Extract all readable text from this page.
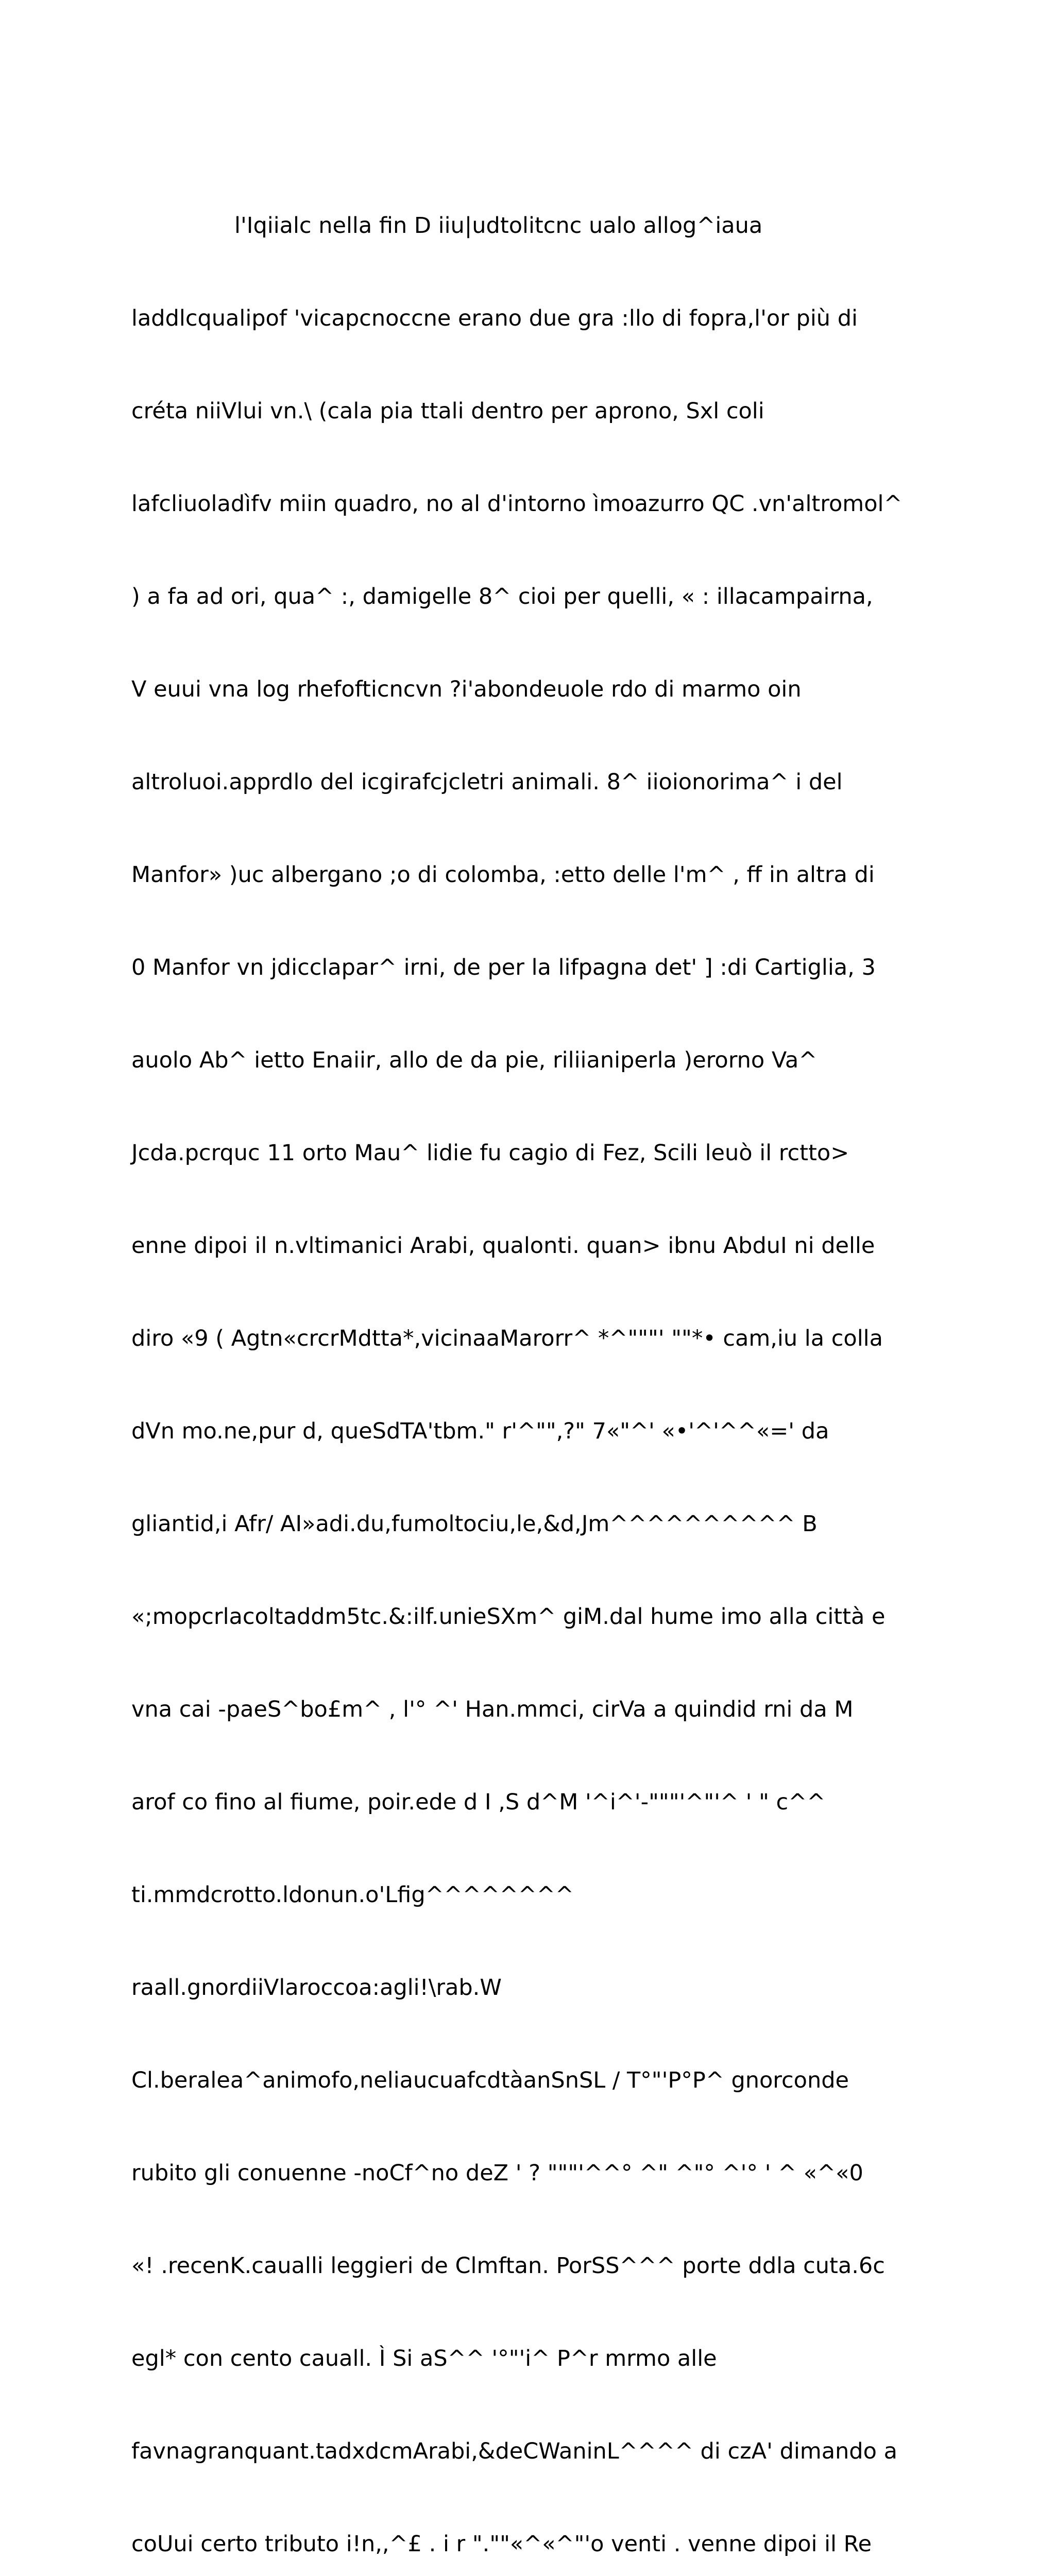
l'Iqiialc nella fin D iiu|udtolitcnc ualo allog^iaua

laddlcqualipof 'vicapcnoccne erano due gra :llo di fopra,l'or più di

créta niiVlui vn.\ (cala pia ttali dentro per aprono, Sxl coli

lafcliuoladìfv miin quadro, no al d'intorno ìmoazurro QC .vn'altromol^

) a fa ad ori, qua^ :, damigelle 8^ cioi per quelli, « : illacampairna,

V euui vna log rhefofticncvn ?i'abondeuole rdo di marmo oin

altroluoi.apprdlo del icgirafcjcletri animali. 8^ iioionorima^ i del

Manfor» )uc albergano ;o di colomba, :etto delle l'm^ , ff in altra di

0 Manfor vn jdicclapar^ irni, de per la lifpagna det' ] :di Cartiglia, 3

auolo Ab^ ietto Enaiir, allo de da pie, riliianiperla )erorno Va^

Jcda.pcrquc 11 orto Mau^ lidie fu cagio di Fez, Scili leuò il rctto>

enne dipoi il n.vltimanici Arabi, qualonti. quan> ibnu AbduI ni delle

diro «9 ( Agtn«crcrMdtta*,vicinaaMarorr^ *^"""' ""*• cam,iu la colla

dVn mo.ne,pur d, queSdTA'tbm." r'^"",?" 7«"^' «•'^'^^«=' da

gliantid,i Afr/ AI»adi.du,fumoltociu,le,&d,Jm^^^^^^^^^^ B

«;mopcrlacoltaddm5tc.&:ilf.unieSXm^ giM.dal hume imo alla città e

vna cai -paeS^bo£m^ , l'° ^' Han.mmci, cirVa a quindid rni da M

arof co fino al fiume, poir.ede d I ,S d^M '^i^'-"""'^"'^ ' " c^^

ti.mmdcrotto.ldonun.o'Lfig^^^^^^^^

raall.gnordiiVlaroccoa:agli!\rab.W

Cl.beralea^animofo,neliaucuafcdtàanSnSL / T°"'P°P^ gnorconde

rubito gli conuenne -noCf^no deZ ' ? """'^^° ^" ^"° ^'° ' ^ «^«0

«! .recenK.caualli leggieri de Clmftan. PorSS^^^ porte ddla cuta.6c

egl* con cento cauall. Ì Si aS^^ '°"'i^ P^r mrmo alle

favnagranquant.tadxdcmArabi,&deCWaninL^^^^ di czA' dimando a

coUui certo tributo i!n,,^£ . i r ".""«^«^"'o venti . venne dipoi il Re
